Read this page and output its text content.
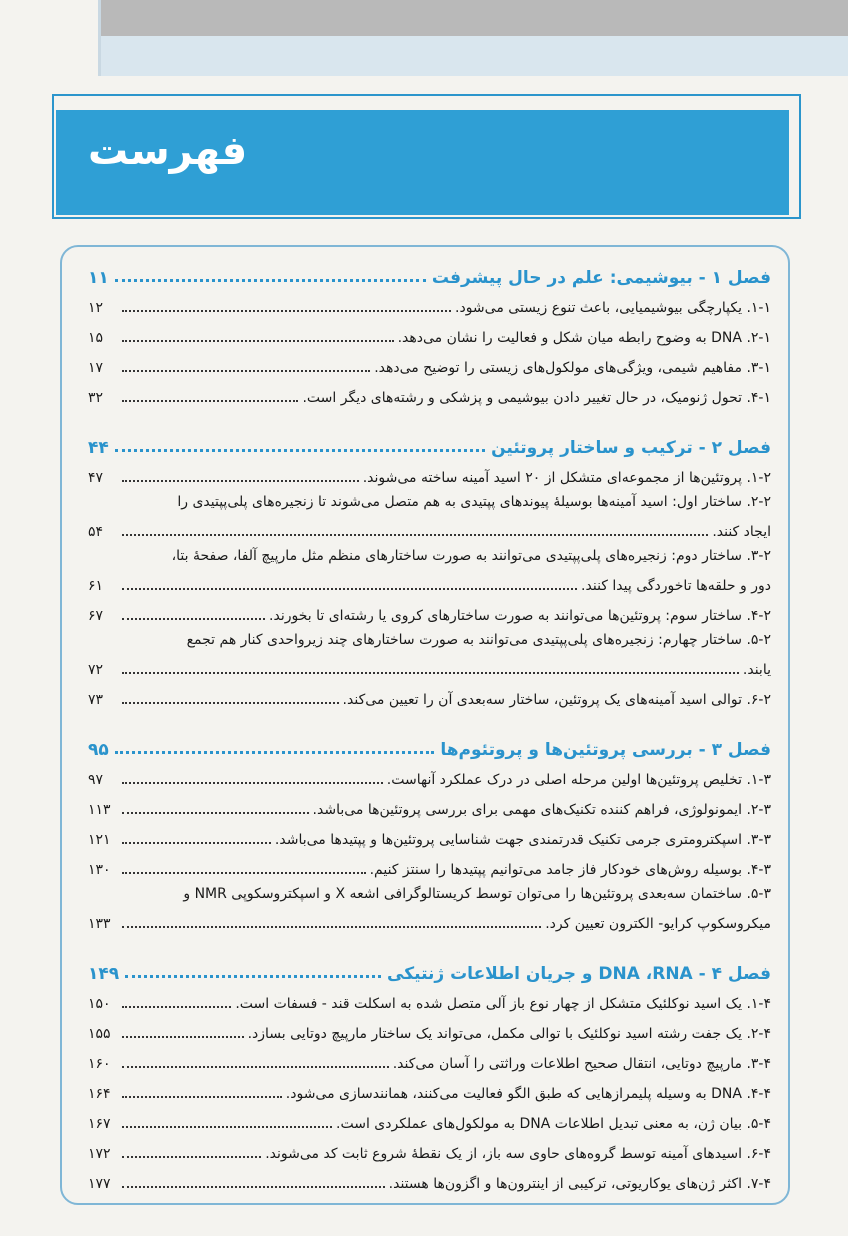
فهرست
فصل ۱ - بیوشیمی: علم در حال پیشرفت
۱۱
۱-۱. یکپارچگی بیوشیمیایی، باعث تنوع زیستی می‌شود.
۱۲
۲-۱. DNA به وضوح رابطه میان شکل و فعالیت را نشان می‌دهد.
۱۵
۳-۱. مفاهیم شیمی، ویژگی‌های مولکول‌های زیستی را توضیح می‌دهد.
۱۷
۴-۱. تحول ژنومیک، در حال تغییر دادن بیوشیمی و پزشکی و رشته‌های دیگر است.
۳۲
فصل ۲ - ترکیب و ساختار پروتئین
۴۴
۱-۲. پروتئین‌ها از مجموعه‌ای متشکل از ۲۰ اسید آمینه ساخته می‌شوند.
۴۷
۲-۲. ساختار اول: اسید آمینه‌ها بوسیلهٔ پیوندهای پپتیدی به هم متصل می‌شوند تا زنجیره‌های پلی‌پپتیدی را
ایجاد کنند.
۵۴
۳-۲. ساختار دوم: زنجیره‌های پلی‌پپتیدی می‌توانند به صورت ساختارهای منظم مثل مارپیچ آلفا، صفحهٔ بتا،
دور و حلقه‌ها تاخوردگی پیدا کنند.
۶۱
۴-۲. ساختار سوم: پروتئین‌ها می‌توانند به صورت ساختارهای کروی یا رشته‌ای تا بخورند.
۶۷
۵-۲. ساختار چهارم: زنجیره‌های پلی‌پپتیدی می‌توانند به صورت ساختارهای چند زیرواحدی کنار هم تجمع
یابند.
۷۲
۶-۲. توالی اسید آمینه‌های یک پروتئین، ساختار سه‌بعدی آن را تعیین می‌کند.
۷۳
فصل ۳ - بررسی پروتئین‌ها و پروتئوم‌ها
۹۵
۱-۳. تخلیص پروتئین‌ها اولین مرحله اصلی در درک عملکرد آنهاست.
۹۷
۲-۳. ایمونولوژی، فراهم کننده تکنیک‌های مهمی برای بررسی پروتئین‌ها می‌باشد.
۱۱۳
۳-۳. اسپکترومتری جرمی تکنیک قدرتمندی جهت شناسایی پروتئین‌ها و پپتیدها می‌باشد.
۱۲۱
۴-۳. بوسیله روش‌های خودکار فاز جامد می‌توانیم پپتیدها را سنتز کنیم.
۱۳۰
۵-۳. ساختمان سه‌بعدی پروتئین‌ها را می‌توان توسط کریستالوگرافی اشعه X و اسپکتروسکوپی NMR و
میکروسکوپ کرایو- الکترون تعیین کرد.
۱۳۳
فصل ۴ - DNA ،RNA و جریان اطلاعات ژنتیکی
۱۴۹
۱-۴. یک اسید نوکلئیک متشکل از چهار نوع باز آلی متصل شده به اسکلت قند - فسفات است.
۱۵۰
۲-۴. یک جفت رشته اسید نوکلئیک با توالی مکمل، می‌تواند یک ساختار مارپیچ دوتایی بسازد.
۱۵۵
۳-۴. مارپیچ دوتایی، انتقال صحیح اطلاعات وراثتی را آسان می‌کند.
۱۶۰
۴-۴. DNA به وسیله پلیمرازهایی که طبق الگو فعالیت می‌کنند، همانندسازی می‌شود.
۱۶۴
۵-۴. بیان ژن، به معنی تبدیل اطلاعات DNA به مولکول‌های عملکردی است.
۱۶۷
۶-۴. اسیدهای آمینه توسط گروه‌های حاوی سه باز، از یک نقطهٔ شروع ثابت کد می‌شوند.
۱۷۲
۷-۴. اکثر ژن‌های یوکاریوتی، ترکیبی از اینترون‌ها و اگزون‌ها هستند.
۱۷۷
